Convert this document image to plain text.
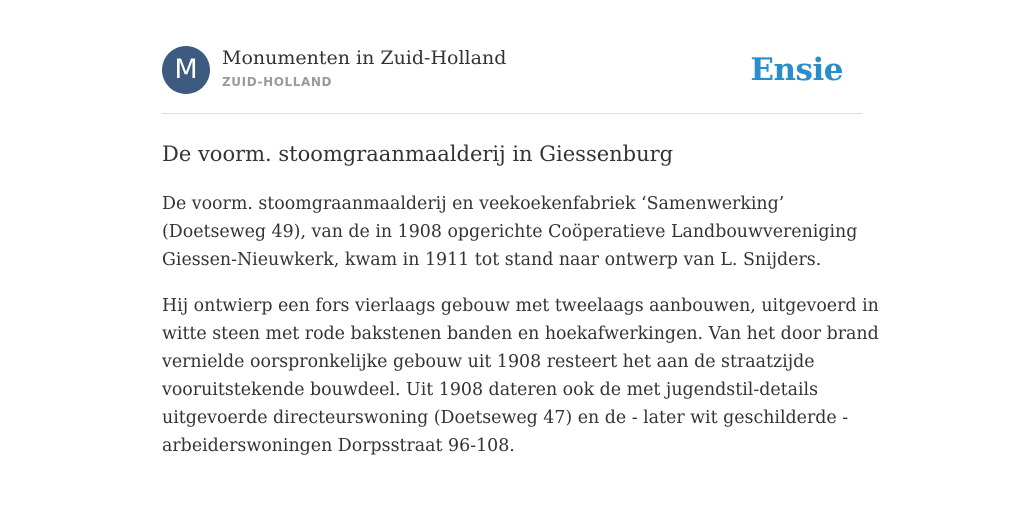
M	Monumenten in Zuid-Holland
ZUID-HOLLAND	Ensie
De voorm. stoomgraanmaalderij in Giessenburg

De voorm. stoomgraanmaalderij en veekoekenfabriek ‘Samenwerking’
(Doetseweg 49), van de in 1908 opgerichte Coöperatieve Landbouwvereniging
Giessen-Nieuwkerk, kwam in 1911 tot stand naar ontwerp van L. Snijders.

Hij ontwierp een fors vierlaags gebouw met tweelaags aanbouwen, uitgevoerd in
witte steen met rode bakstenen banden en hoekafwerkingen. Van het door brand
vernielde oorspronkelijke gebouw uit 1908 resteert het aan de straatzijde
vooruitstekende bouwdeel. Uit 1908 dateren ook de met jugendstil-details
uitgevoerde directeurswoning (Doetseweg 47) en de - later wit geschilderde -
arbeiderswoningen Dorpsstraat 96-108.
